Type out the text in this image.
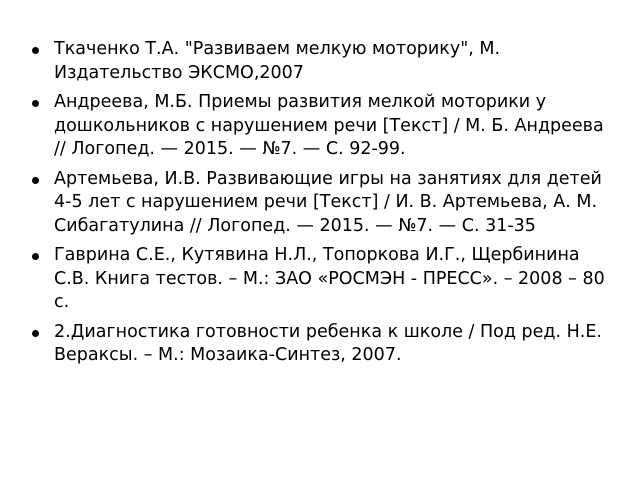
Ткаченко Т.А. "Развиваем мелкую моторику", М. Издательство ЭКСМО,2007
Андреева, М.Б. Приемы развития мелкой моторики у дошкольников с нарушением речи [Текст] / М. Б. Андреева // Логопед. — 2015. — №7. — С. 92-99.
Артемьева, И.В. Развивающие игры на занятиях для детей 4-5 лет с нарушением речи [Текст] / И. В. Артемьева, А. М. Сибагатулина // Логопед. — 2015. — №7. — С. 31-35
Гаврина С.Е., Кутявина Н.Л., Топоркова И.Г., Щербинина С.В. Книга тестов. – М.: ЗАО «РОСМЭН - ПРЕСС». – 2008 – 80 с.
2.Диагностика готовности ребенка к школе / Под ред. Н.Е. Вераксы. – М.: Мозаика-Синтез, 2007.
